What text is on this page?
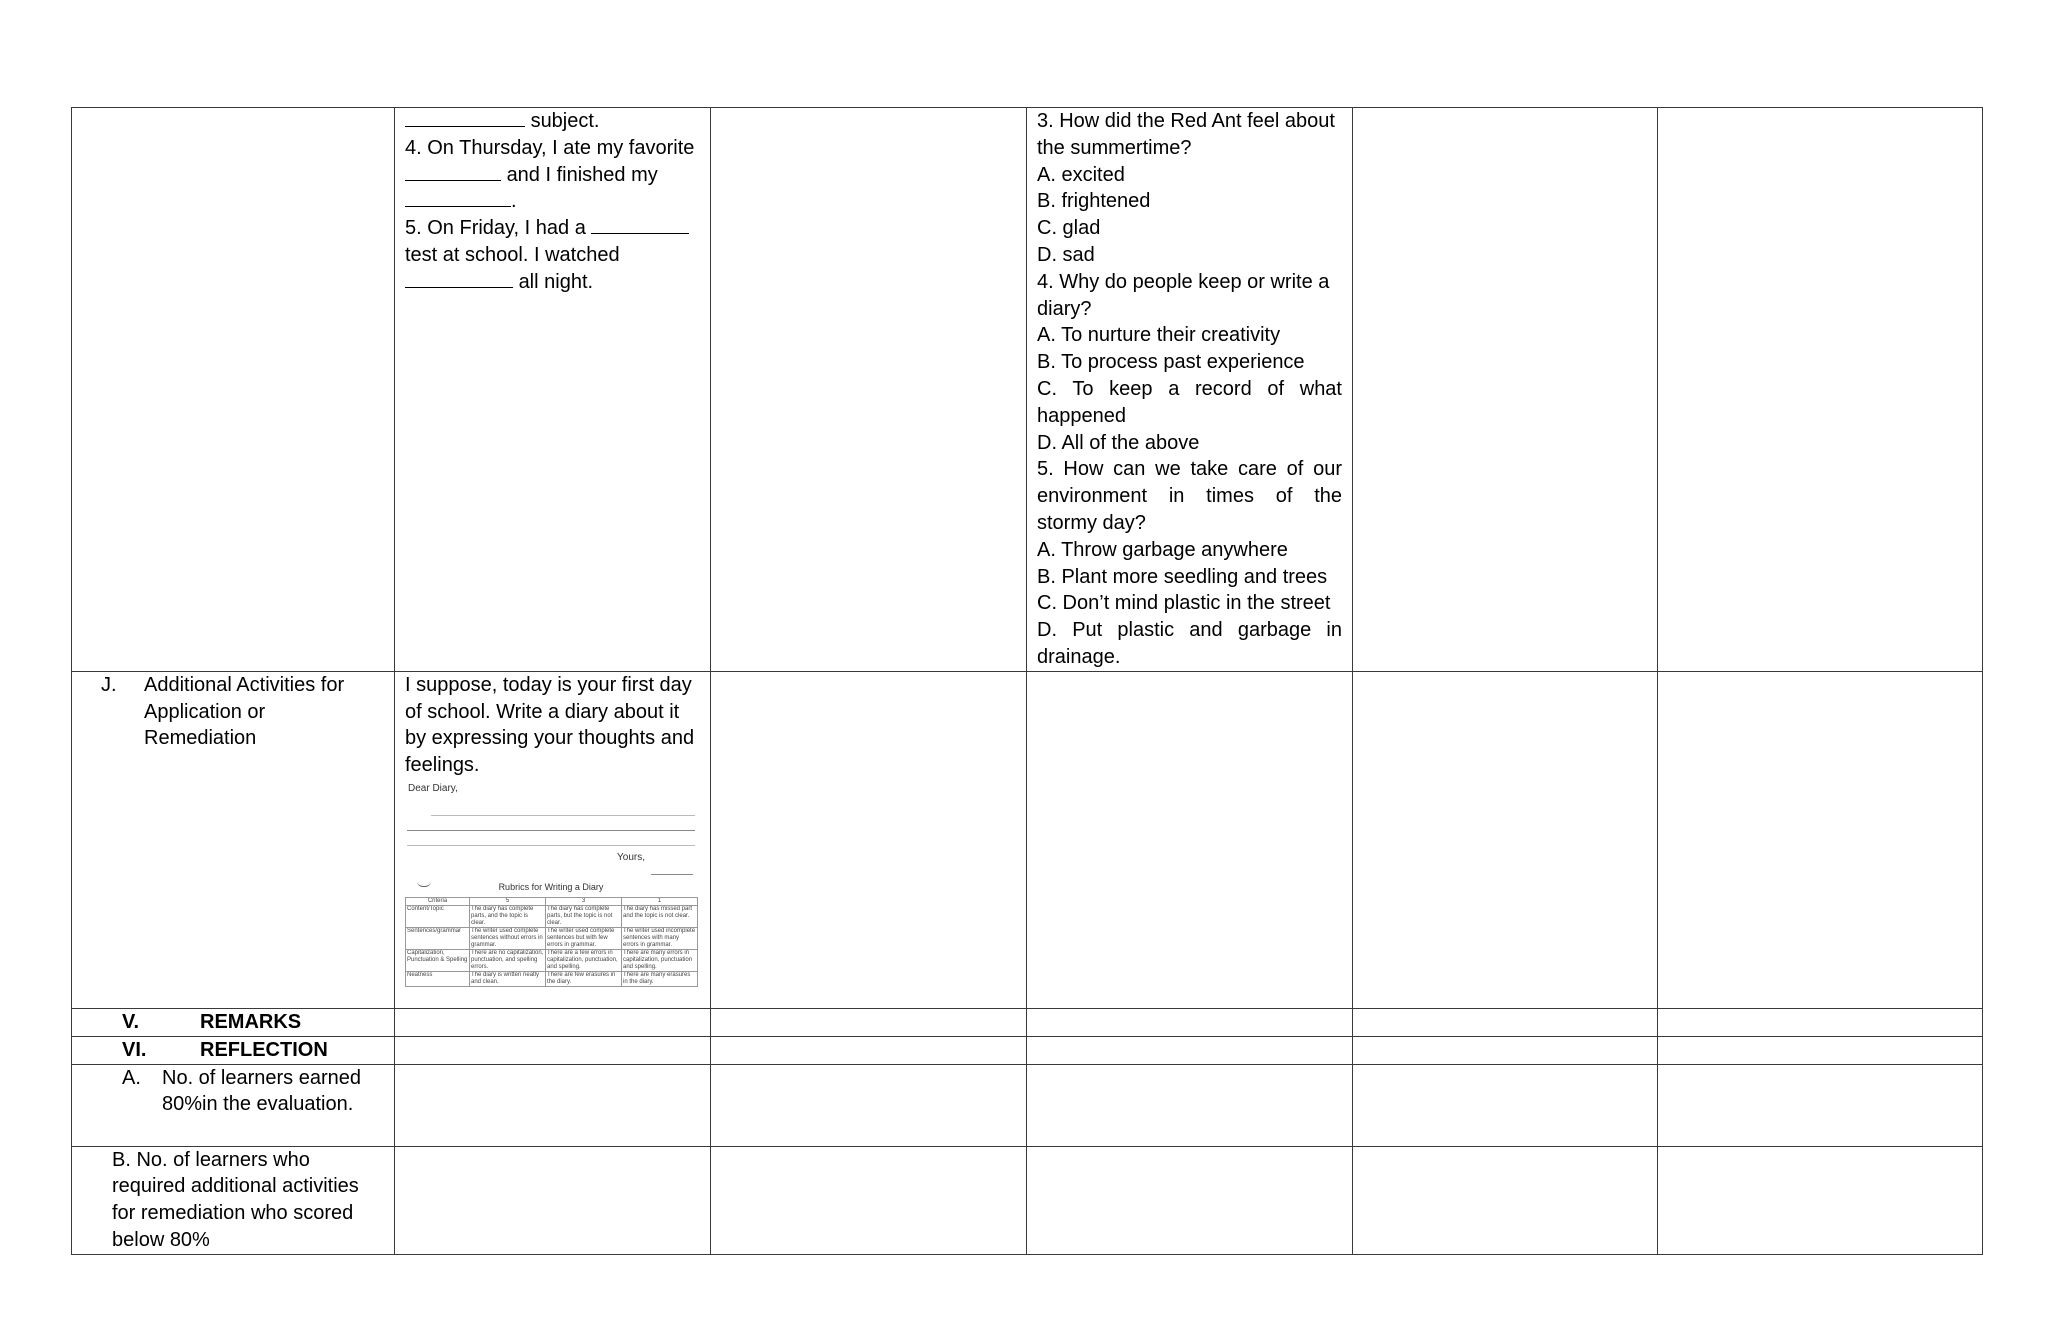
subject.
4. On Thursday, I ate my favorite
and I finished my
.
5. On Friday, I had a
test at school. I watched
all night.

3. How did the Red Ant feel about
the summertime?
A. excited
B. frightened
C. glad
D. sad
4. Why do people keep or write a
diary?
A. To nurture their creativity
B. To process past experience
C. To keep a record of what
happened
D. All of the above
5. How can we take care of our
environment in times of the
stormy day?
A. Throw garbage anywhere
B. Plant more seedling and trees
C. Don’t mind plastic in the street
D. Put plastic and garbage in
drainage.

J.	Additional Activities for
Application or
Remediation

I suppose, today is your first day
of school. Write a diary about it
by expressing your thoughts and
feelings.
Dear Diary,
Yours,
Rubrics for Writing a Diary
Criteria	5	3	1
Content/Topic	The diary has complete parts, and the topic is clear.	The diary has complete parts, but the topic is not clear.	The diary has missed part and the topic is not clear.
Sentences/grammar	The writer used complete sentences without errors in grammar.	The writer used complete sentences but with few errors in grammar.	The writer used incomplete sentences with many errors in grammar.
Capitalization, Punctuation & Spelling	There are no capitalization, punctuation, and spelling errors.	There are a few errors in capitalization, punctuation, and spelling.	There are many errors in capitalization, punctuation and spelling.
Neatness	The diary is written neatly and clean.	There are few erasures in the diary.	There are many erasures in the diary.

V.	REMARKS

VI.	REFLECTION

A.	No. of learners earned
80%in the evaluation.

B. No. of learners who
required additional activities
for remediation who scored
below 80%
